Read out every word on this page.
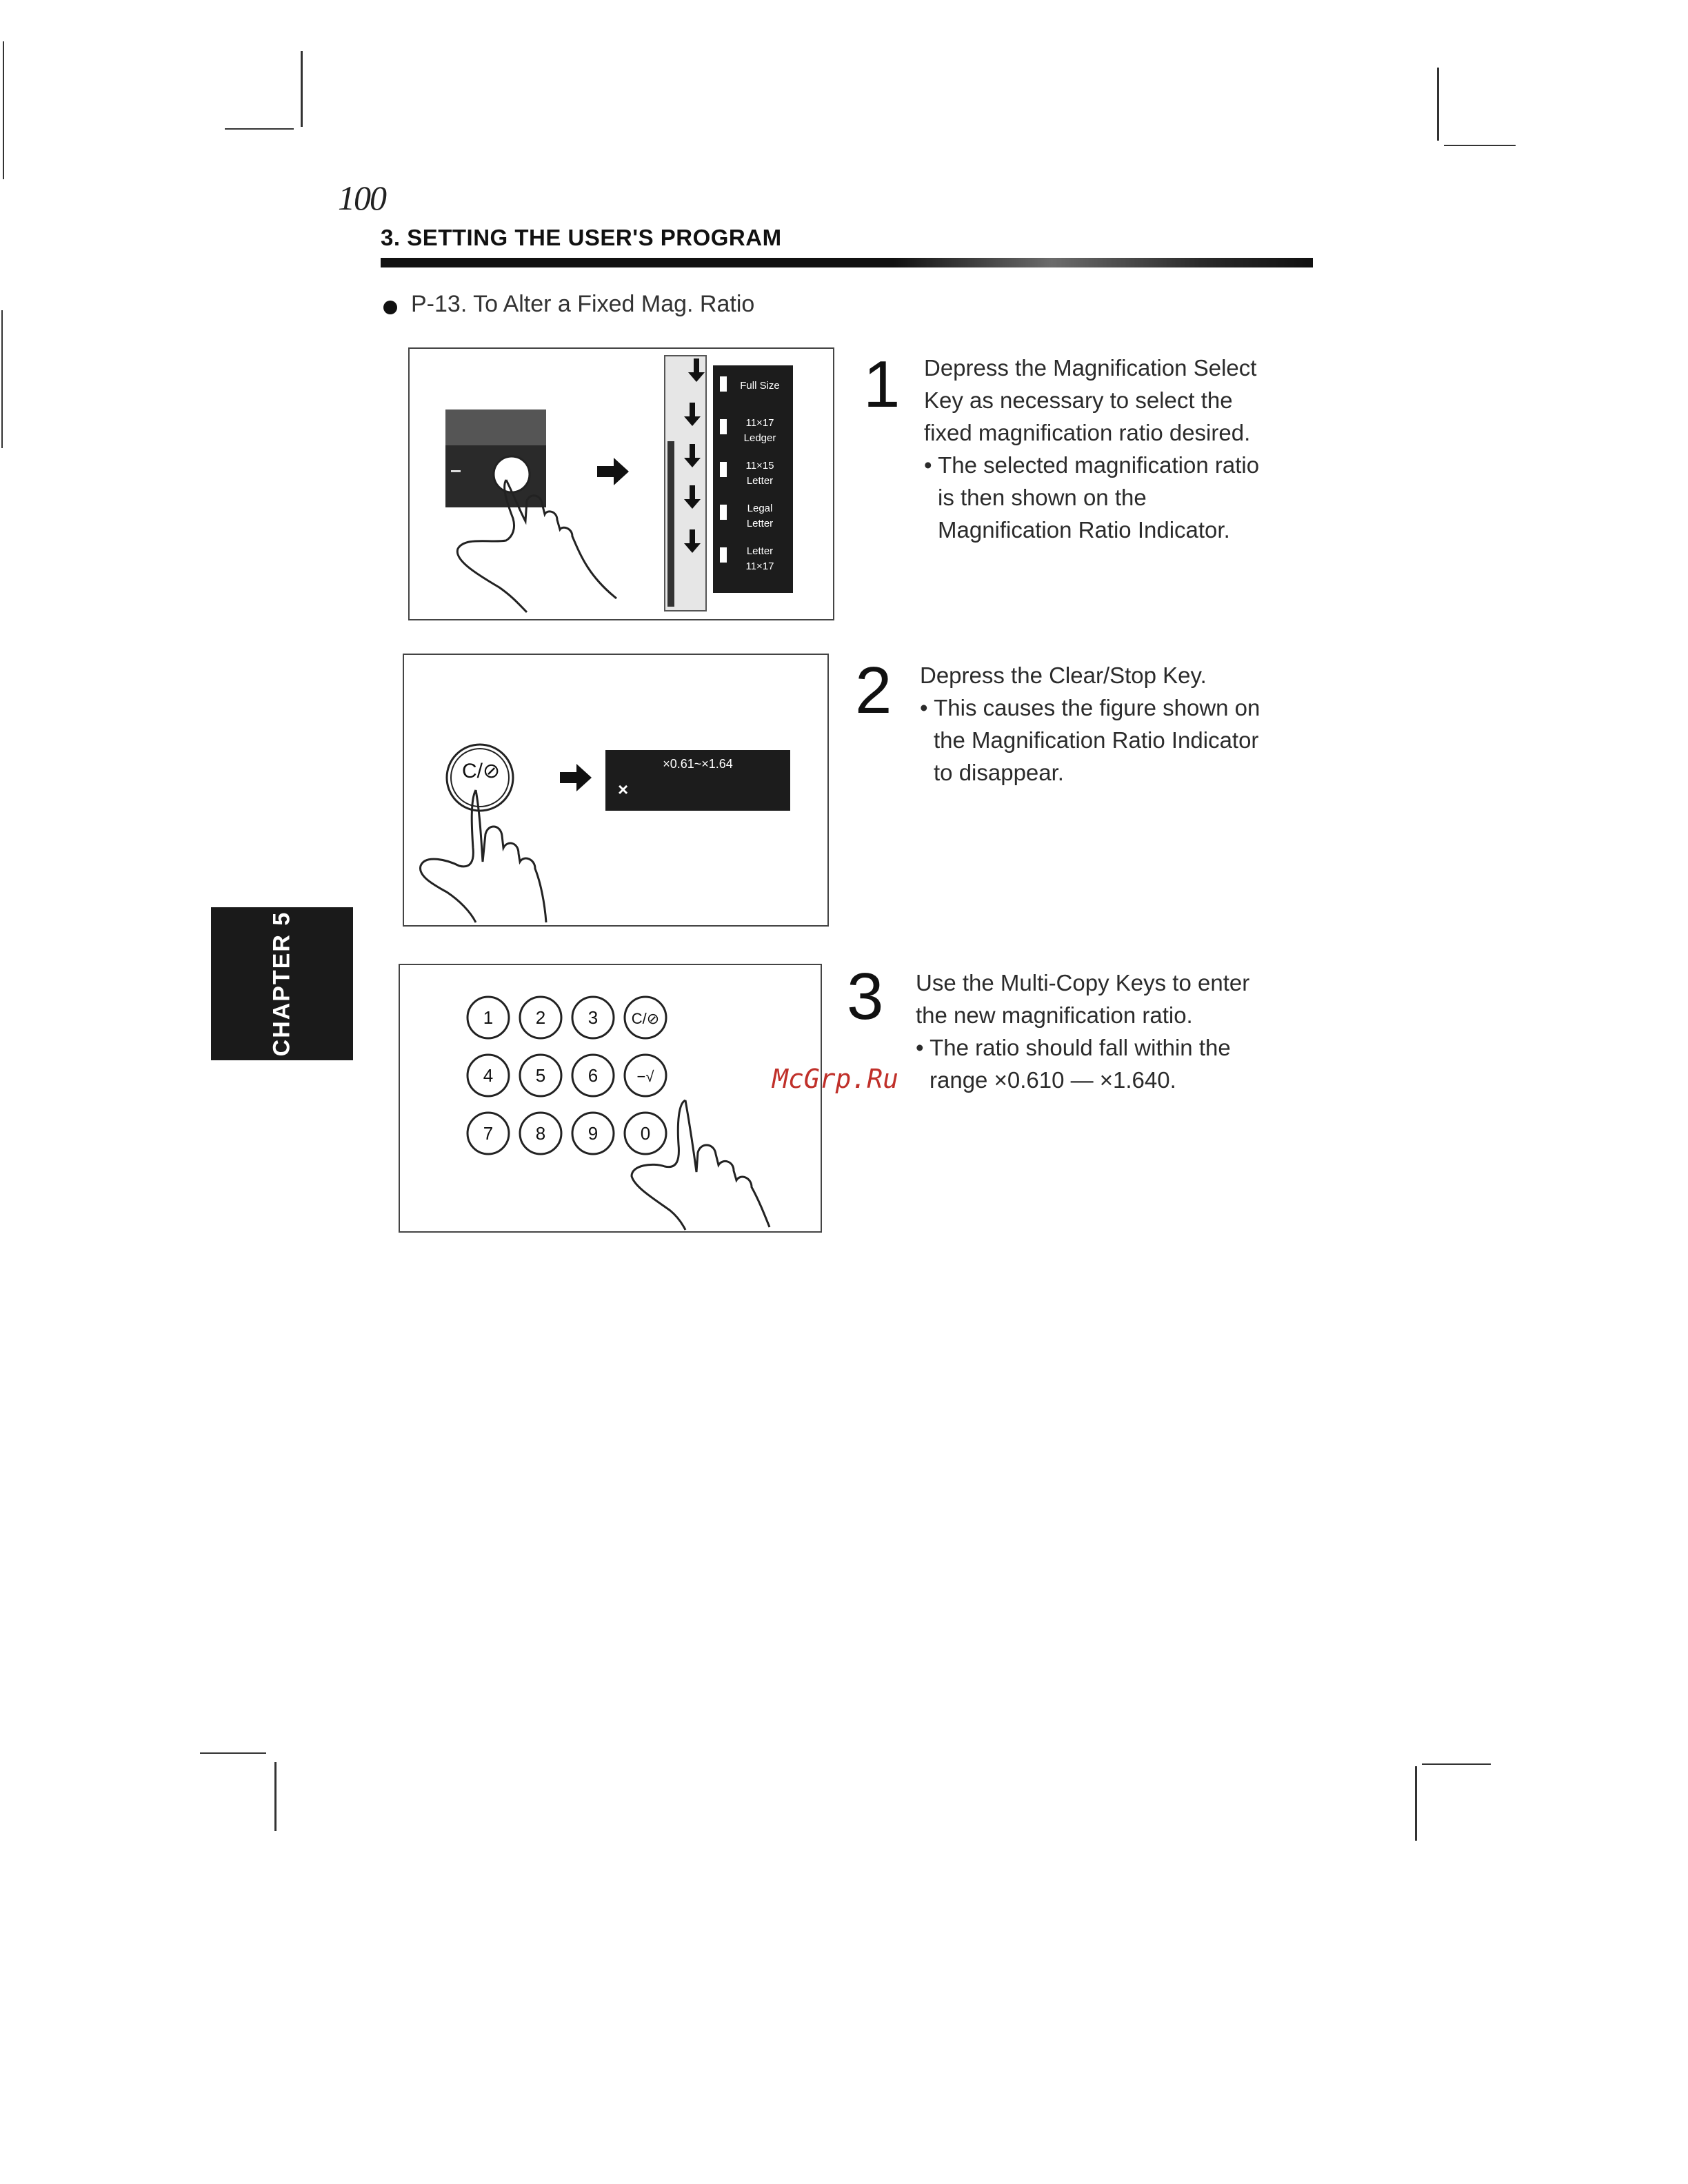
100
3. SETTING THE USER'S PROGRAM
P-13. To Alter a Fixed Mag. Ratio
Full Size
11×17
Ledger
11×15
Letter
Legal
Letter
Letter
11×17
1 Depress the Magnification Select
Key as necessary to select the
fixed magnification ratio desired.
• The selected magnification ratio
is then shown on the
Magnification Ratio Indicator.
C/⊘	×0.61~×1.64
×
2 Depress the Clear/Stop Key.
• This causes the figure shown on
the Magnification Ratio Indicator
to disappear.
1 2 3 C/⊘
4 5 6	−√
7 8 9 0
3 Use the Multi-Copy Keys to enter
the new magnification ratio.
• The ratio should fall within the
range ×0.610 — ×1.640.
CHAPTER 5
McGrp.Ru
